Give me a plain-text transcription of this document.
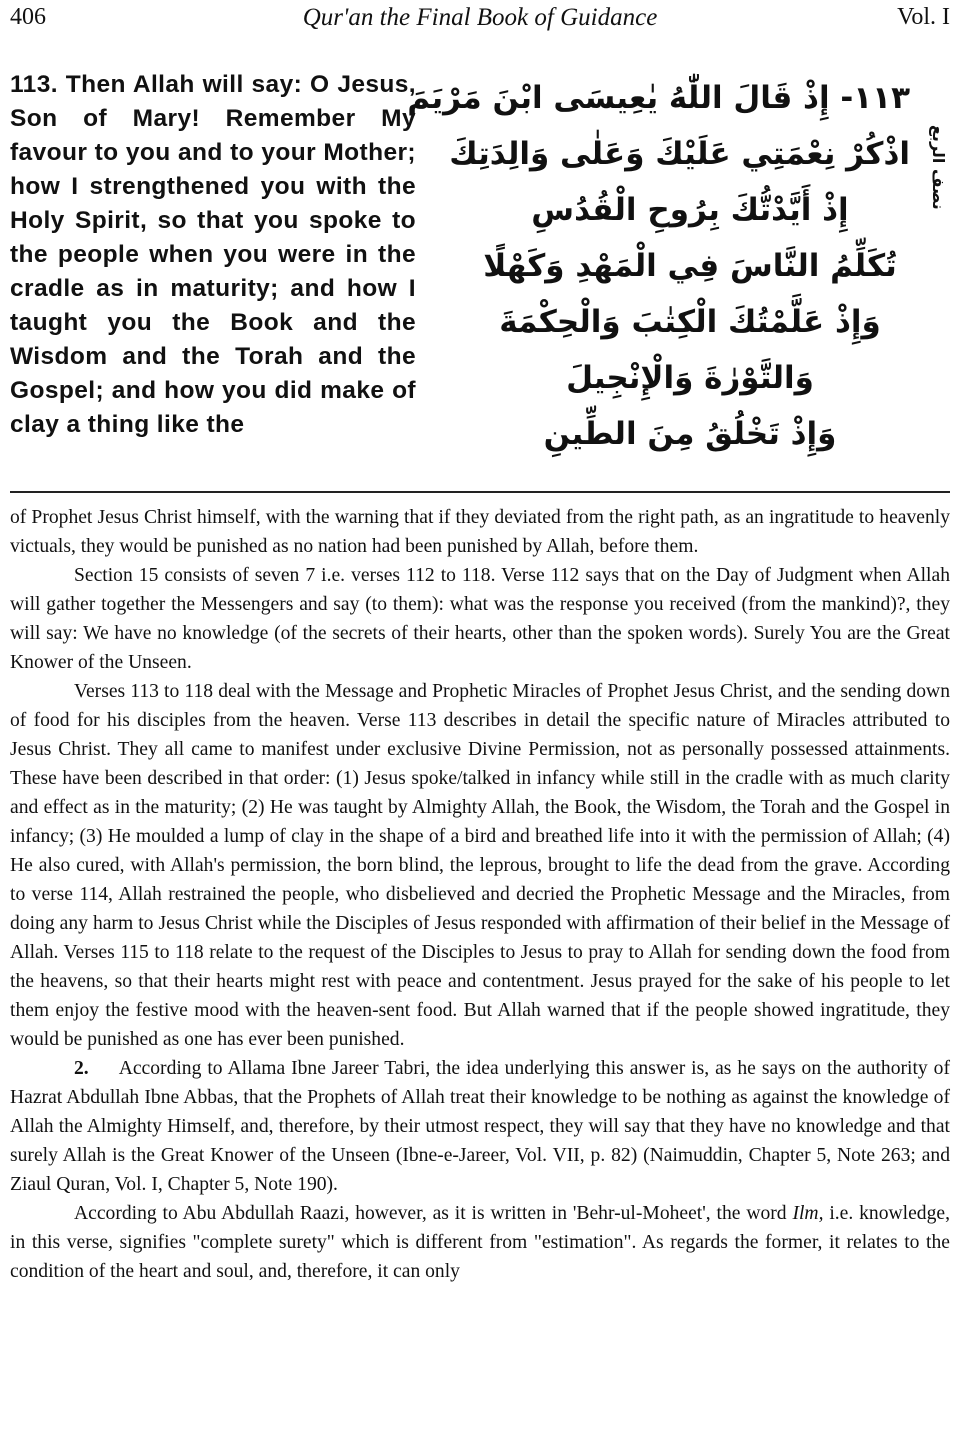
406	Qur'an the Final Book of Guidance	Vol. I

113. Then Allah will say: O Jesus, Son of Mary! Remember My favour to you and to your Mother; how I strengthened you with the Holy Spirit, so that you spoke to the people when you were in the cradle as in maturity; and how I taught you the Book and the Wisdom and the Torah and the Gospel; and how you did make of clay a thing like the

١١٣- إِذْ قَالَ اللّٰهُ يٰعِيسَى ابْنَ مَرْيَمَ
اذْكُرْ نِعْمَتِي عَلَيْكَ وَعَلٰى وَالِدَتِكَ
إِذْ أَيَّدْتُّكَ بِرُوحِ الْقُدُسِ
تُكَلِّمُ النَّاسَ فِي الْمَهْدِ وَكَهْلًا
وَإِذْ عَلَّمْتُكَ الْكِتٰبَ وَالْحِكْمَةَ
وَالتَّوْرٰةَ وَالْإِنْجِيلَ
وَإِذْ تَخْلُقُ مِنَ الطِّينِ
نصف الربع

of Prophet Jesus Christ himself, with the warning that if they deviated from the right path, as an ingratitude to heavenly victuals, they would be punished as no nation had been punished by Allah, before them.

Section 15 consists of seven 7 i.e. verses 112 to 118. Verse 112 says that on the Day of Judgment when Allah will gather together the Messengers and say (to them): what was the response you received (from the mankind)?, they will say: We have no knowledge (of the secrets of their hearts, other than the spoken words). Surely You are the Great Knower of the Unseen.

Verses 113 to 118 deal with the Message and Prophetic Miracles of Prophet Jesus Christ, and the sending down of food for his disciples from the heaven. Verse 113 describes in detail the specific nature of Miracles attributed to Jesus Christ. They all came to manifest under exclusive Divine Permission, not as personally possessed attainments. These have been described in that order: (1) Jesus spoke/talked in infancy while still in the cradle with as much clarity and effect as in the maturity; (2) He was taught by Almighty Allah, the Book, the Wisdom, the Torah and the Gospel in infancy; (3) He moulded a lump of clay in the shape of a bird and breathed life into it with the permission of Allah; (4) He also cured, with Allah's permission, the born blind, the leprous, brought to life the dead from the grave. According to verse 114, Allah restrained the people, who disbelieved and decried the Prophetic Message and the Miracles, from doing any harm to Jesus Christ while the Disciples of Jesus responded with affirmation of their belief in the Message of Allah. Verses 115 to 118 relate to the request of the Disciples to Jesus to pray to Allah for sending down the food from the heavens, so that their hearts might rest with peace and contentment. Jesus prayed for the sake of his people to let them enjoy the festive mood with the heaven-sent food. But Allah warned that if the people showed ingratitude, they would be punished as one has ever been punished.

2. According to Allama Ibne Jareer Tabri, the idea underlying this answer is, as he says on the authority of Hazrat Abdullah Ibne Abbas, that the Prophets of Allah treat their knowledge to be nothing as against the knowledge of Allah the Almighty Himself, and, therefore, by their utmost respect, they will say that they have no knowledge and that surely Allah is the Great Knower of the Unseen (Ibne-e-Jareer, Vol. VII, p. 82) (Naimuddin, Chapter 5, Note 263; and Ziaul Quran, Vol. I, Chapter 5, Note 190).

According to Abu Abdullah Raazi, however, as it is written in 'Behr-ul-Moheet', the word Ilm, i.e. knowledge, in this verse, signifies "complete surety" which is different from "estimation". As regards the former, it relates to the condition of the heart and soul, and, therefore, it can only
